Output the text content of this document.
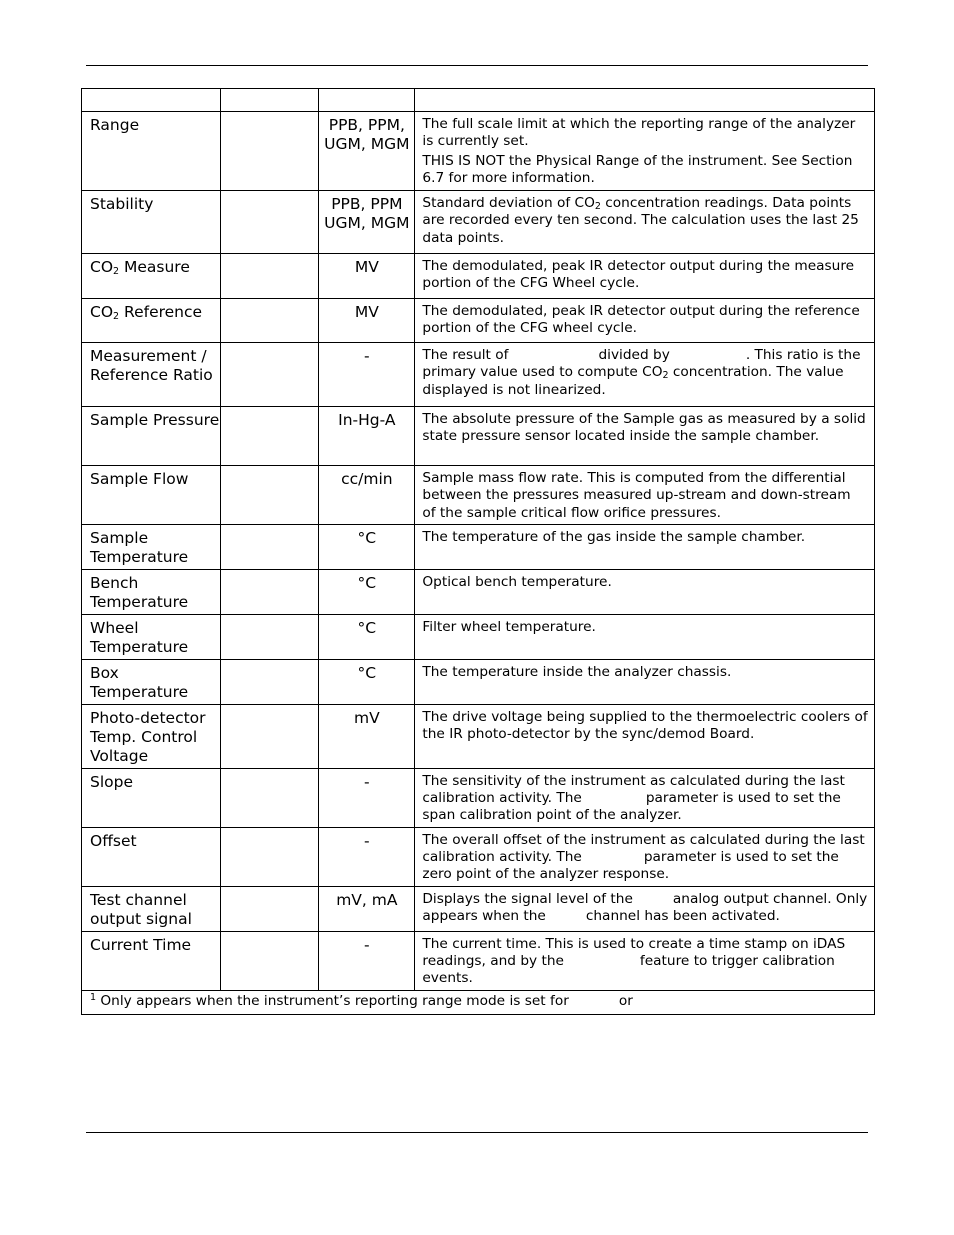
Range		PPB, PPM, UGM, MGM	The full scale limit at which the reporting range of the analyzer is currently set.

THIS IS NOT the Physical Range of the instrument. See Section 6.7 for more information.

Stability		PPB, PPM UGM, MGM	Standard deviation of $CO_2$ concentration readings. Data points are recorded every ten second. The calculation uses the last 25 data points.
$CO_2$ Measure		MV	The demodulated, peak IR detector output during the measure portion of the CFG Wheel cycle.
$CO_2$ Reference		MV	The demodulated, peak IR detector output during the reference portion of the CFG wheel cycle.
Measurement / Reference Ratio		-	The result of divided by . This ratio is the primary value used to compute $CO_2$ concentration. The value displayed is not linearized.
Sample Pressure		In-Hg-A	The absolute pressure of the Sample gas as measured by a solid state pressure sensor located inside the sample chamber.
Sample Flow		cc/min	Sample mass flow rate. This is computed from the differential between the pressures measured up-stream and down-stream of the sample critical flow orifice pressures.
Sample Temperature		°C	The temperature of the gas inside the sample chamber.
Bench Temperature		°C	Optical bench temperature.
Wheel Temperature		°C	Filter wheel temperature.
Box Temperature		°C	The temperature inside the analyzer chassis.
Photo-detector Temp. Control Voltage		mV	The drive voltage being supplied to the thermoelectric coolers of the IR photo-detector by the sync/demod Board.
Slope		-	The sensitivity of the instrument as calculated during the last calibration activity. The parameter is used to set the span calibration point of the analyzer.
Offset		-	The overall offset of the instrument as calculated during the last calibration activity. The parameter is used to set the zero point of the analyzer response.
Test channel output signal		mV, mA	Displays the signal level of the analog output channel. Only appears when the channel has been activated.
Current Time		-	The current time. This is used to create a time stamp on iDAS readings, and by the feature to trigger calibration events.
$^1$ Only appears when the instrument’s reporting range mode is set for or			
